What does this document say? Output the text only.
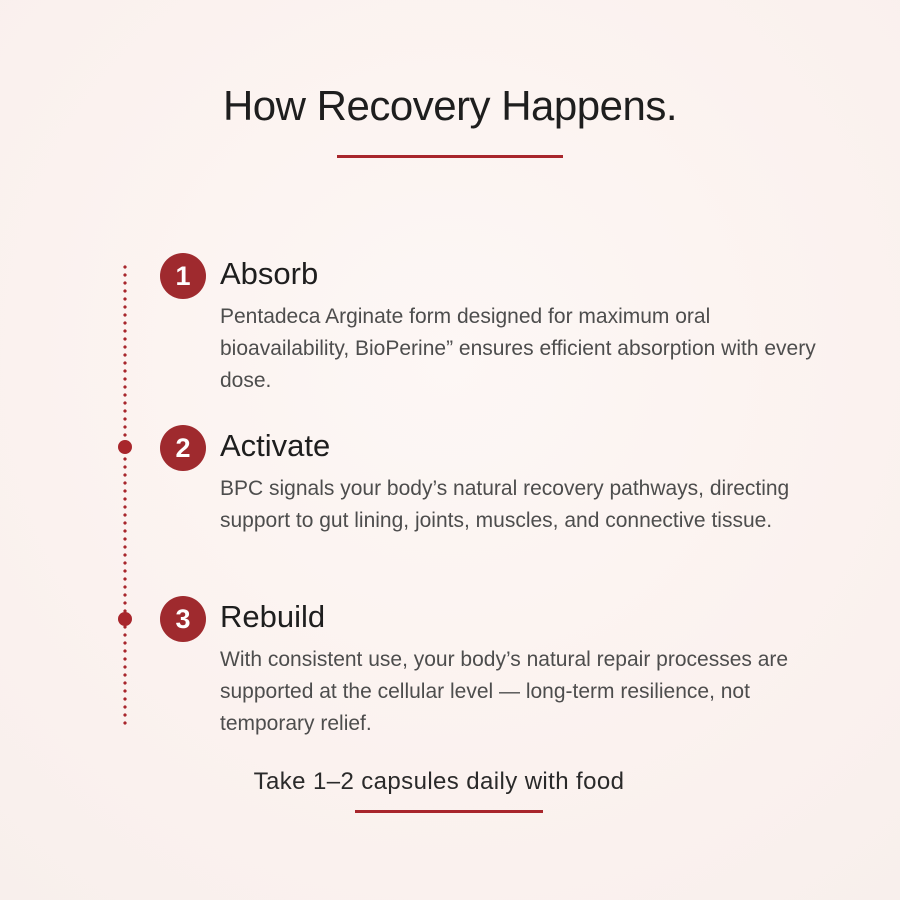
How Recovery Happens.
1 Absorb
Pentadeca Arginate form designed for maximum oral bioavailability, BioPerine” ensures efficient absorption with every dose.
2 Activate
BPC signals your body’s natural recovery pathways, directing support to gut lining, joints, muscles, and connective tissue.
3 Rebuild
With consistent use, your body’s natural repair processes are supported at the cellular level — long-term resilience, not temporary relief.
Take 1–2 capsules daily with food
